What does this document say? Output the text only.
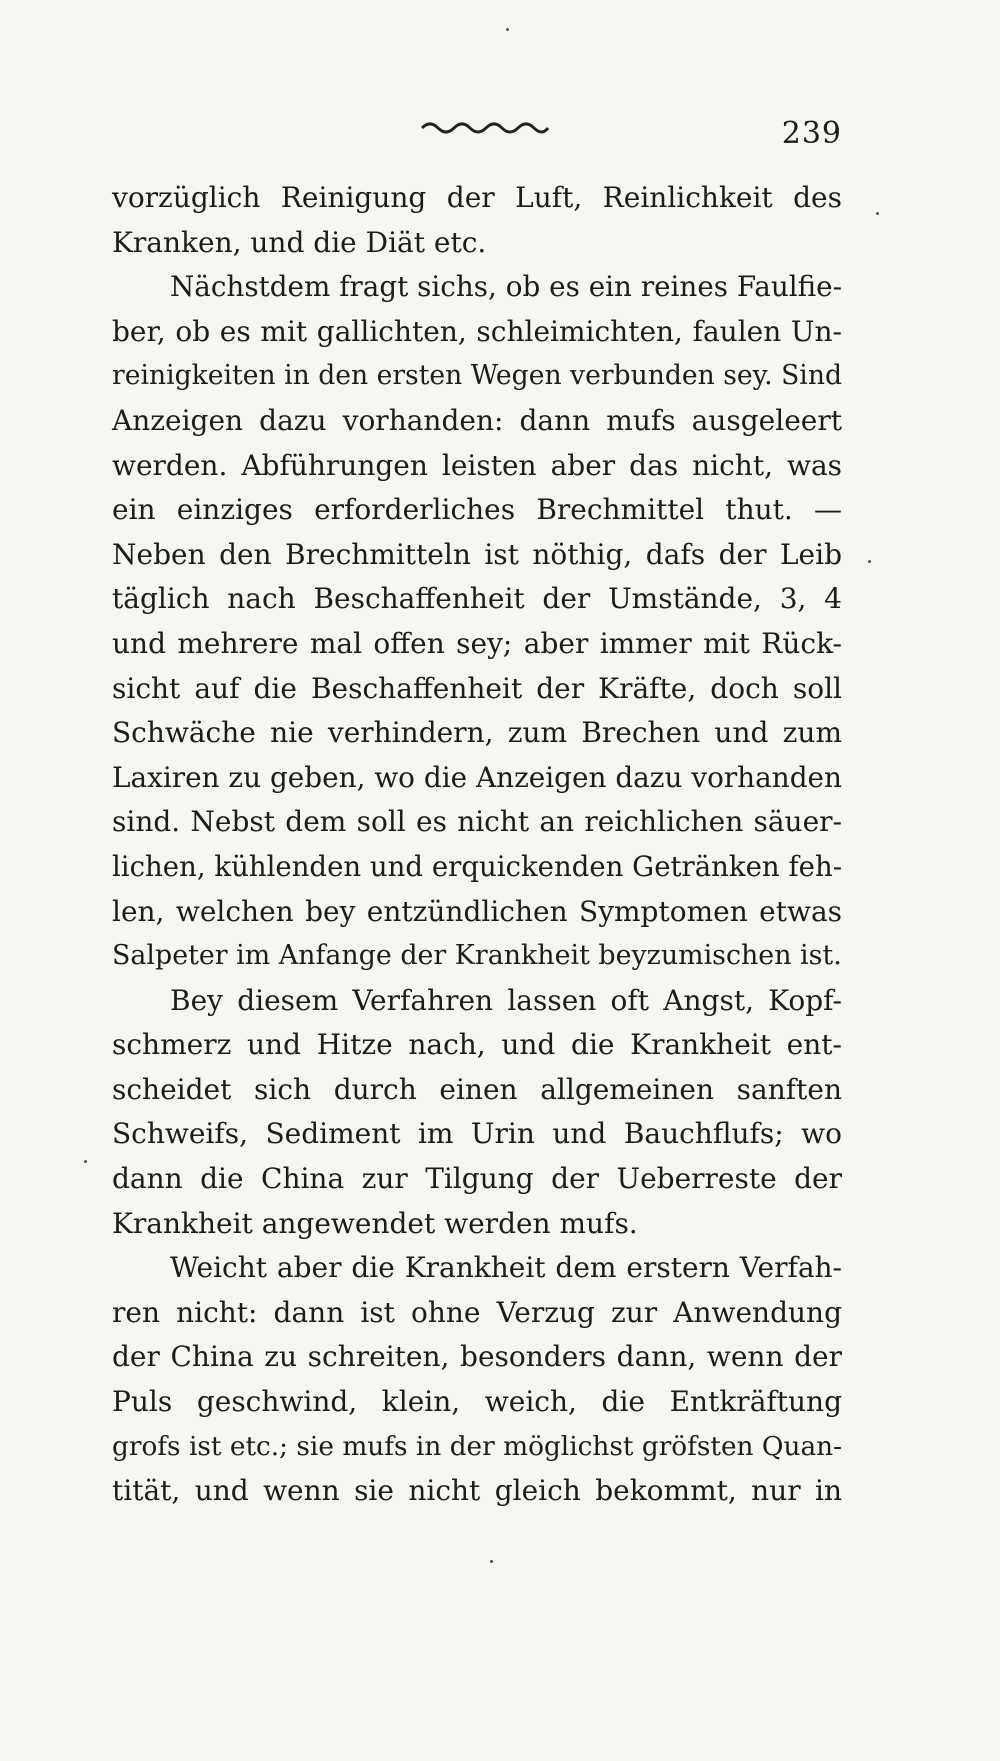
239
vorzüglich Reinigung der Luft, Reinlichkeit des
Kranken, und die Diät etc.
Nächstdem fragt sichs, ob es ein reines Faulfie-
ber, ob es mit gallichten, schleimichten, faulen Un-
reinigkeiten in den ersten Wegen verbunden sey. Sind
Anzeigen dazu vorhanden: dann mufs ausgeleert
werden. Abführungen leisten aber das nicht, was
ein einziges erforderliches Brechmittel thut. —
Neben den Brechmitteln ist nöthig, dafs der Leib
täglich nach Beschaffenheit der Umstände, 3, 4
und mehrere mal offen sey; aber immer mit Rück-
sicht auf die Beschaffenheit der Kräfte, doch soll
Schwäche nie verhindern, zum Brechen und zum
Laxiren zu geben, wo die Anzeigen dazu vorhanden
sind. Nebst dem soll es nicht an reichlichen säuer-
lichen, kühlenden und erquickenden Getränken feh-
len, welchen bey entzündlichen Symptomen etwas
Salpeter im Anfange der Krankheit beyzumischen ist.
Bey diesem Verfahren lassen oft Angst, Kopf-
schmerz und Hitze nach, und die Krankheit ent-
scheidet sich durch einen allgemeinen sanften
Schweifs, Sediment im Urin und Bauchflufs; wo
dann die China zur Tilgung der Ueberreste der
Krankheit angewendet werden mufs.
Weicht aber die Krankheit dem erstern Verfah-
ren nicht: dann ist ohne Verzug zur Anwendung
der China zu schreiten, besonders dann, wenn der
Puls geschwind, klein, weich, die Entkräftung
grofs ist etc.; sie mufs in der möglichst gröfsten Quan-
tität, und wenn sie nicht gleich bekommt, nur in
